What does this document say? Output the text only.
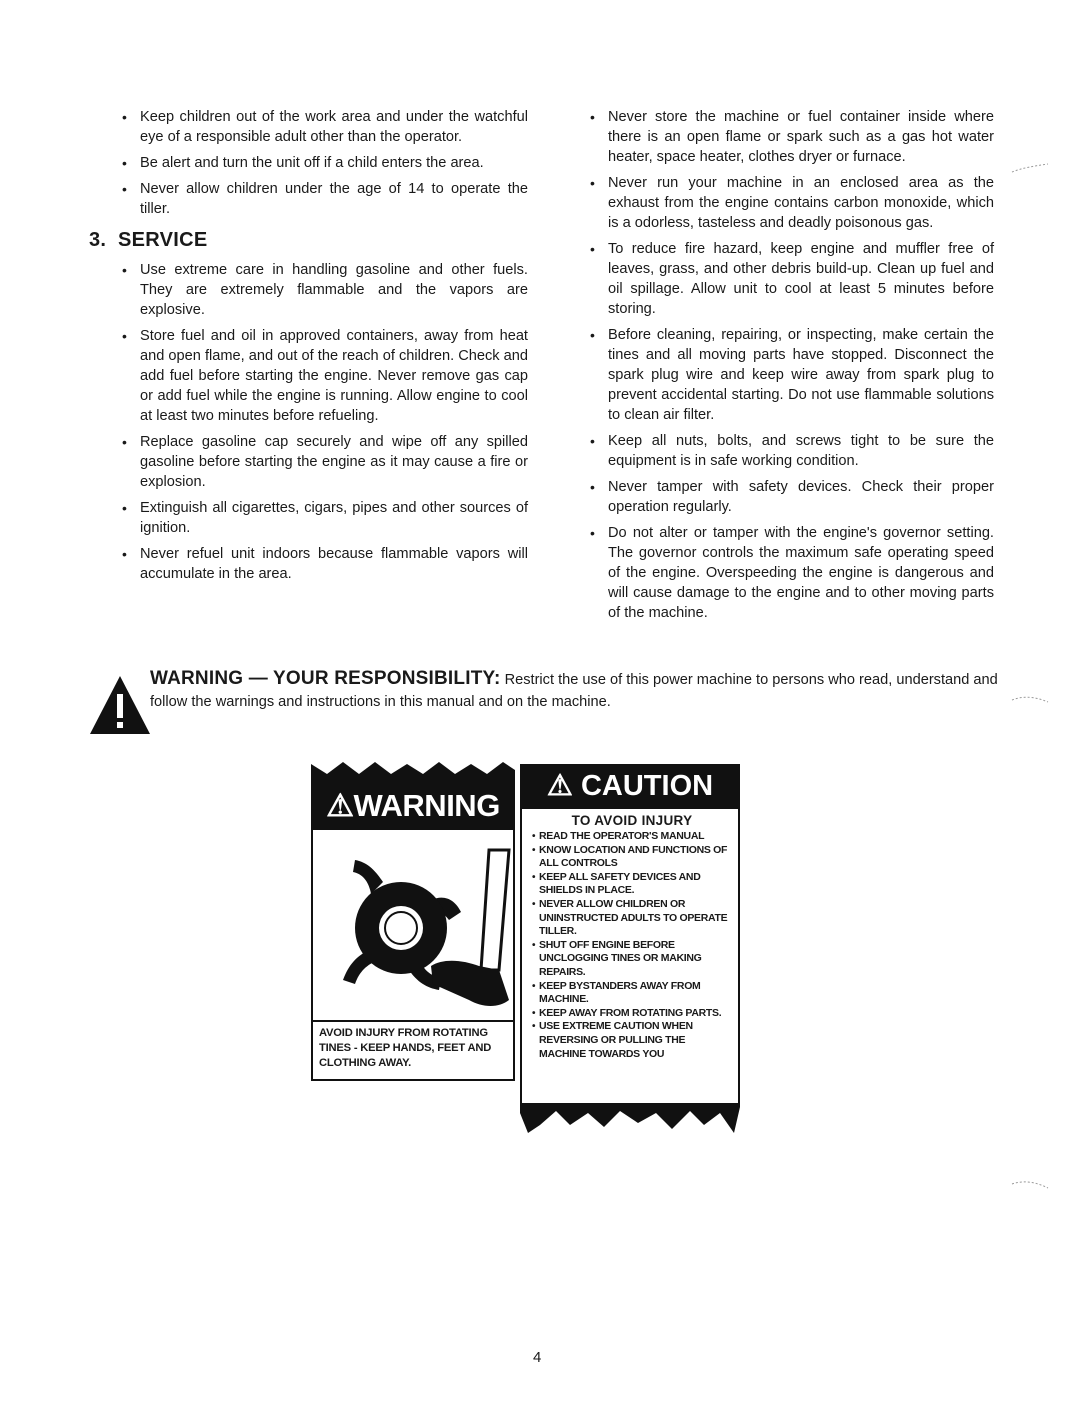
• Keep children out of the work area and under the watchful eye of a responsible adult other than the operator.
• Be alert and turn the unit off if a child enters the area.
• Never allow children under the age of 14 to operate the tiller.
3. SERVICE
• Use extreme care in handling gasoline and other fuels. They are extremely flammable and the vapors are explosive.
• Store fuel and oil in approved containers, away from heat and open flame, and out of the reach of children. Check and add fuel before starting the engine. Never remove gas cap or add fuel while the engine is running. Allow engine to cool at least two minutes before refueling.
• Replace gasoline cap securely and wipe off any spilled gasoline before starting the engine as it may cause a fire or explosion.
• Extinguish all cigarettes, cigars, pipes and other sources of ignition.
• Never refuel unit indoors because flammable vapors will accumulate in the area.
• Never store the machine or fuel container inside where there is an open flame or spark such as a gas hot water heater, space heater, clothes dryer or furnace.
• Never run your machine in an enclosed area as the exhaust from the engine contains carbon monoxide, which is a odorless, tasteless and deadly poisonous gas.
• To reduce fire hazard, keep engine and muffler free of leaves, grass, and other debris build-up. Clean up fuel and oil spillage. Allow unit to cool at least 5 minutes before storing.
• Before cleaning, repairing, or inspecting, make certain the tines and all moving parts have stopped. Disconnect the spark plug wire and keep wire away from spark plug to prevent accidental starting. Do not use flammable solutions to clean air filter.
• Keep all nuts, bolts, and screws tight to be sure the equipment is in safe working condition.
• Never tamper with safety devices. Check their proper operation regularly.
• Do not alter or tamper with the engine's governor setting. The governor controls the maximum safe operating speed of the engine. Overspeeding the engine is dangerous and will cause damage to the engine and to other moving parts of the machine.
WARNING — YOUR RESPONSIBILITY: Restrict the use of this power machine to persons who read, understand and follow the warnings and instructions in this manual and on the machine.
⚠WARNING
AVOID INJURY FROM ROTATING TINES - KEEP HANDS, FEET AND CLOTHING AWAY.
⚠ CAUTION
TO AVOID INJURY
• READ THE OPERATOR'S MANUAL
• KNOW LOCATION AND FUNCTIONS OF ALL CONTROLS
• KEEP ALL SAFETY DEVICES AND SHIELDS IN PLACE.
• NEVER ALLOW CHILDREN OR UNINSTRUCTED ADULTS TO OPERATE TILLER.
• SHUT OFF ENGINE BEFORE UNCLOGGING TINES OR MAKING REPAIRS.
• KEEP BYSTANDERS AWAY FROM MACHINE.
• KEEP AWAY FROM ROTATING PARTS.
• USE EXTREME CAUTION WHEN REVERSING OR PULLING THE MACHINE TOWARDS YOU
4
